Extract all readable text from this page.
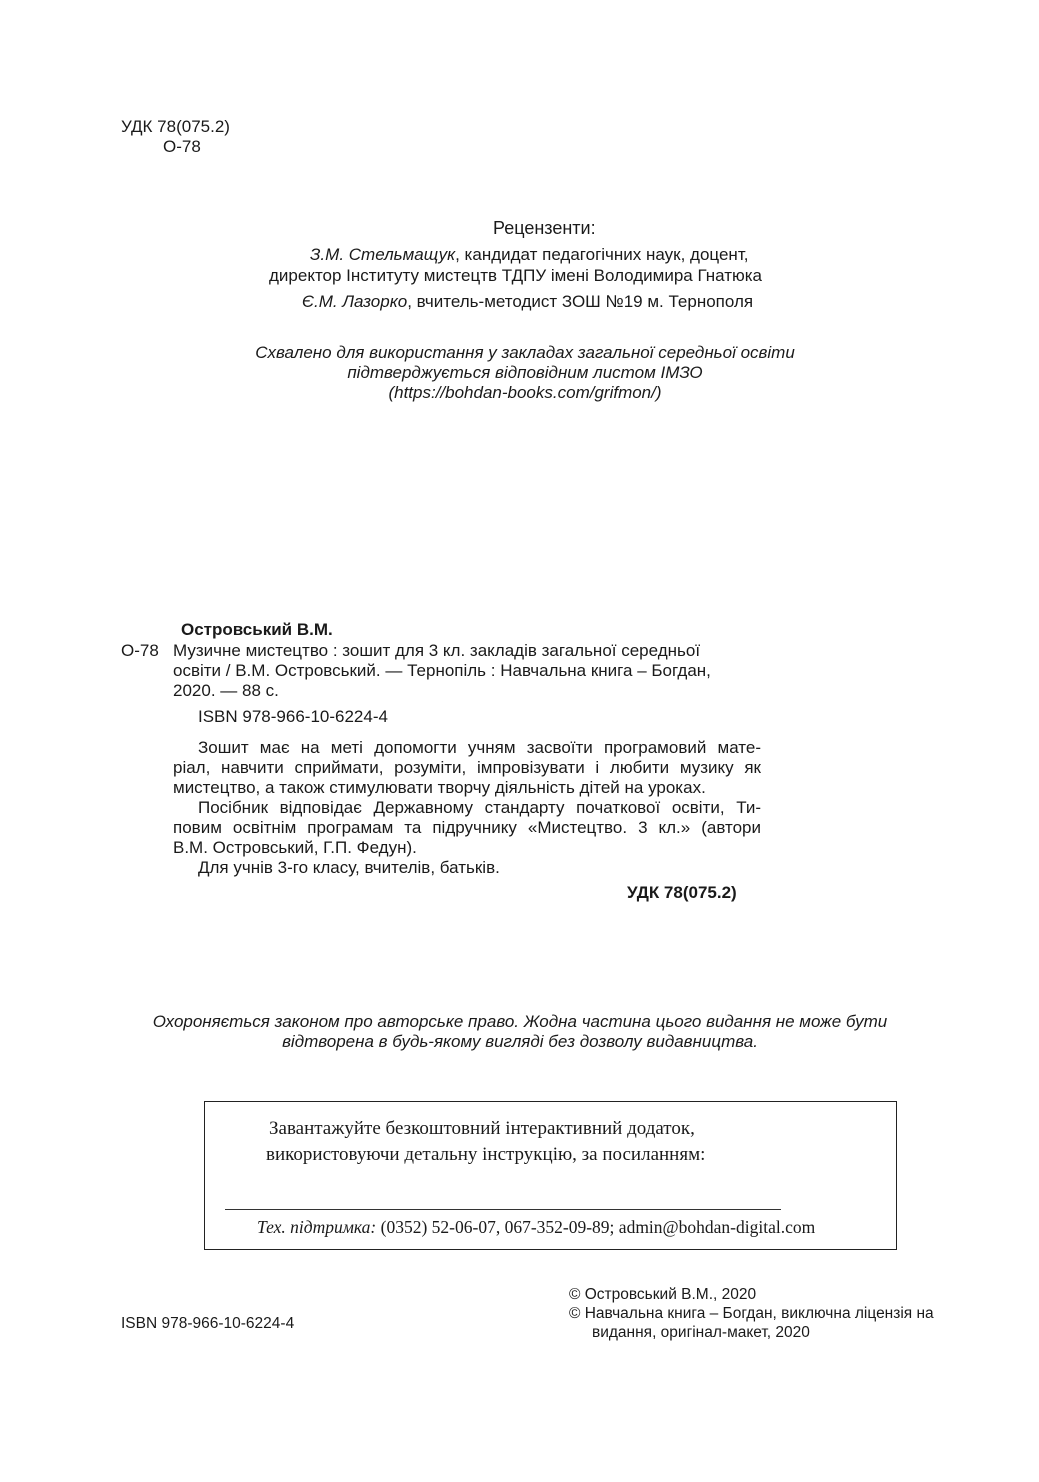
УДК 78(075.2)
О-78
Рецензенти:
З.М. Стельмащук, кандидат педагогічних наук, доцент,
директор Інституту мистецтв ТДПУ імені Володимира Гнатюка
Є.М. Лазорко, вчитель-методист ЗОШ №19 м. Тернополя
Схвалено для використання у закладах загальної середньої освіти
підтверджується відповідним листом ІМЗО
(https://bohdan-books.com/grifmon/)
Островський В.М.
О-78 Музичне мистецтво : зошит для 3 кл. закладів загальної середньої
освіти / В.М. Островський. — Тернопіль : Навчальна книга – Богдан,
2020. — 88 с.
ISBN 978-966-10-6224-4

Зошит має на меті допомогти учням засвоїти програмовий мате-

ріал, навчити сприймати, розуміти, імпровізувати і любити музику як

мистецтво, а також стимулювати творчу діяльність дітей на уроках.

Посібник відповідає Державному стандарту початкової освіти, Ти-

повим освітнім програмам та підручнику «Мистецтво. 3 кл.» (автори

В.М. Островський, Г.П. Федун).

Для учнів 3-го класу, вчителів, батьків.

УДК 78(075.2)
Охороняється законом про авторське право. Жодна частина цього видання не може бути
відтворена в будь-якому вигляді без дозволу видавництва.
Завантажуйте безкоштовний інтерактивний додаток,
використовуючи детальну інструкцію, за посиланням:
Тех. підтримка: (0352) 52-06-07, 067-352-09-89; admin@bohdan-digital.com
ISBN 978-966-10-6224-4
© Островський В.М., 2020
© Навчальна книга – Богдан, виключна ліцензія на
видання, оригінал-макет, 2020
